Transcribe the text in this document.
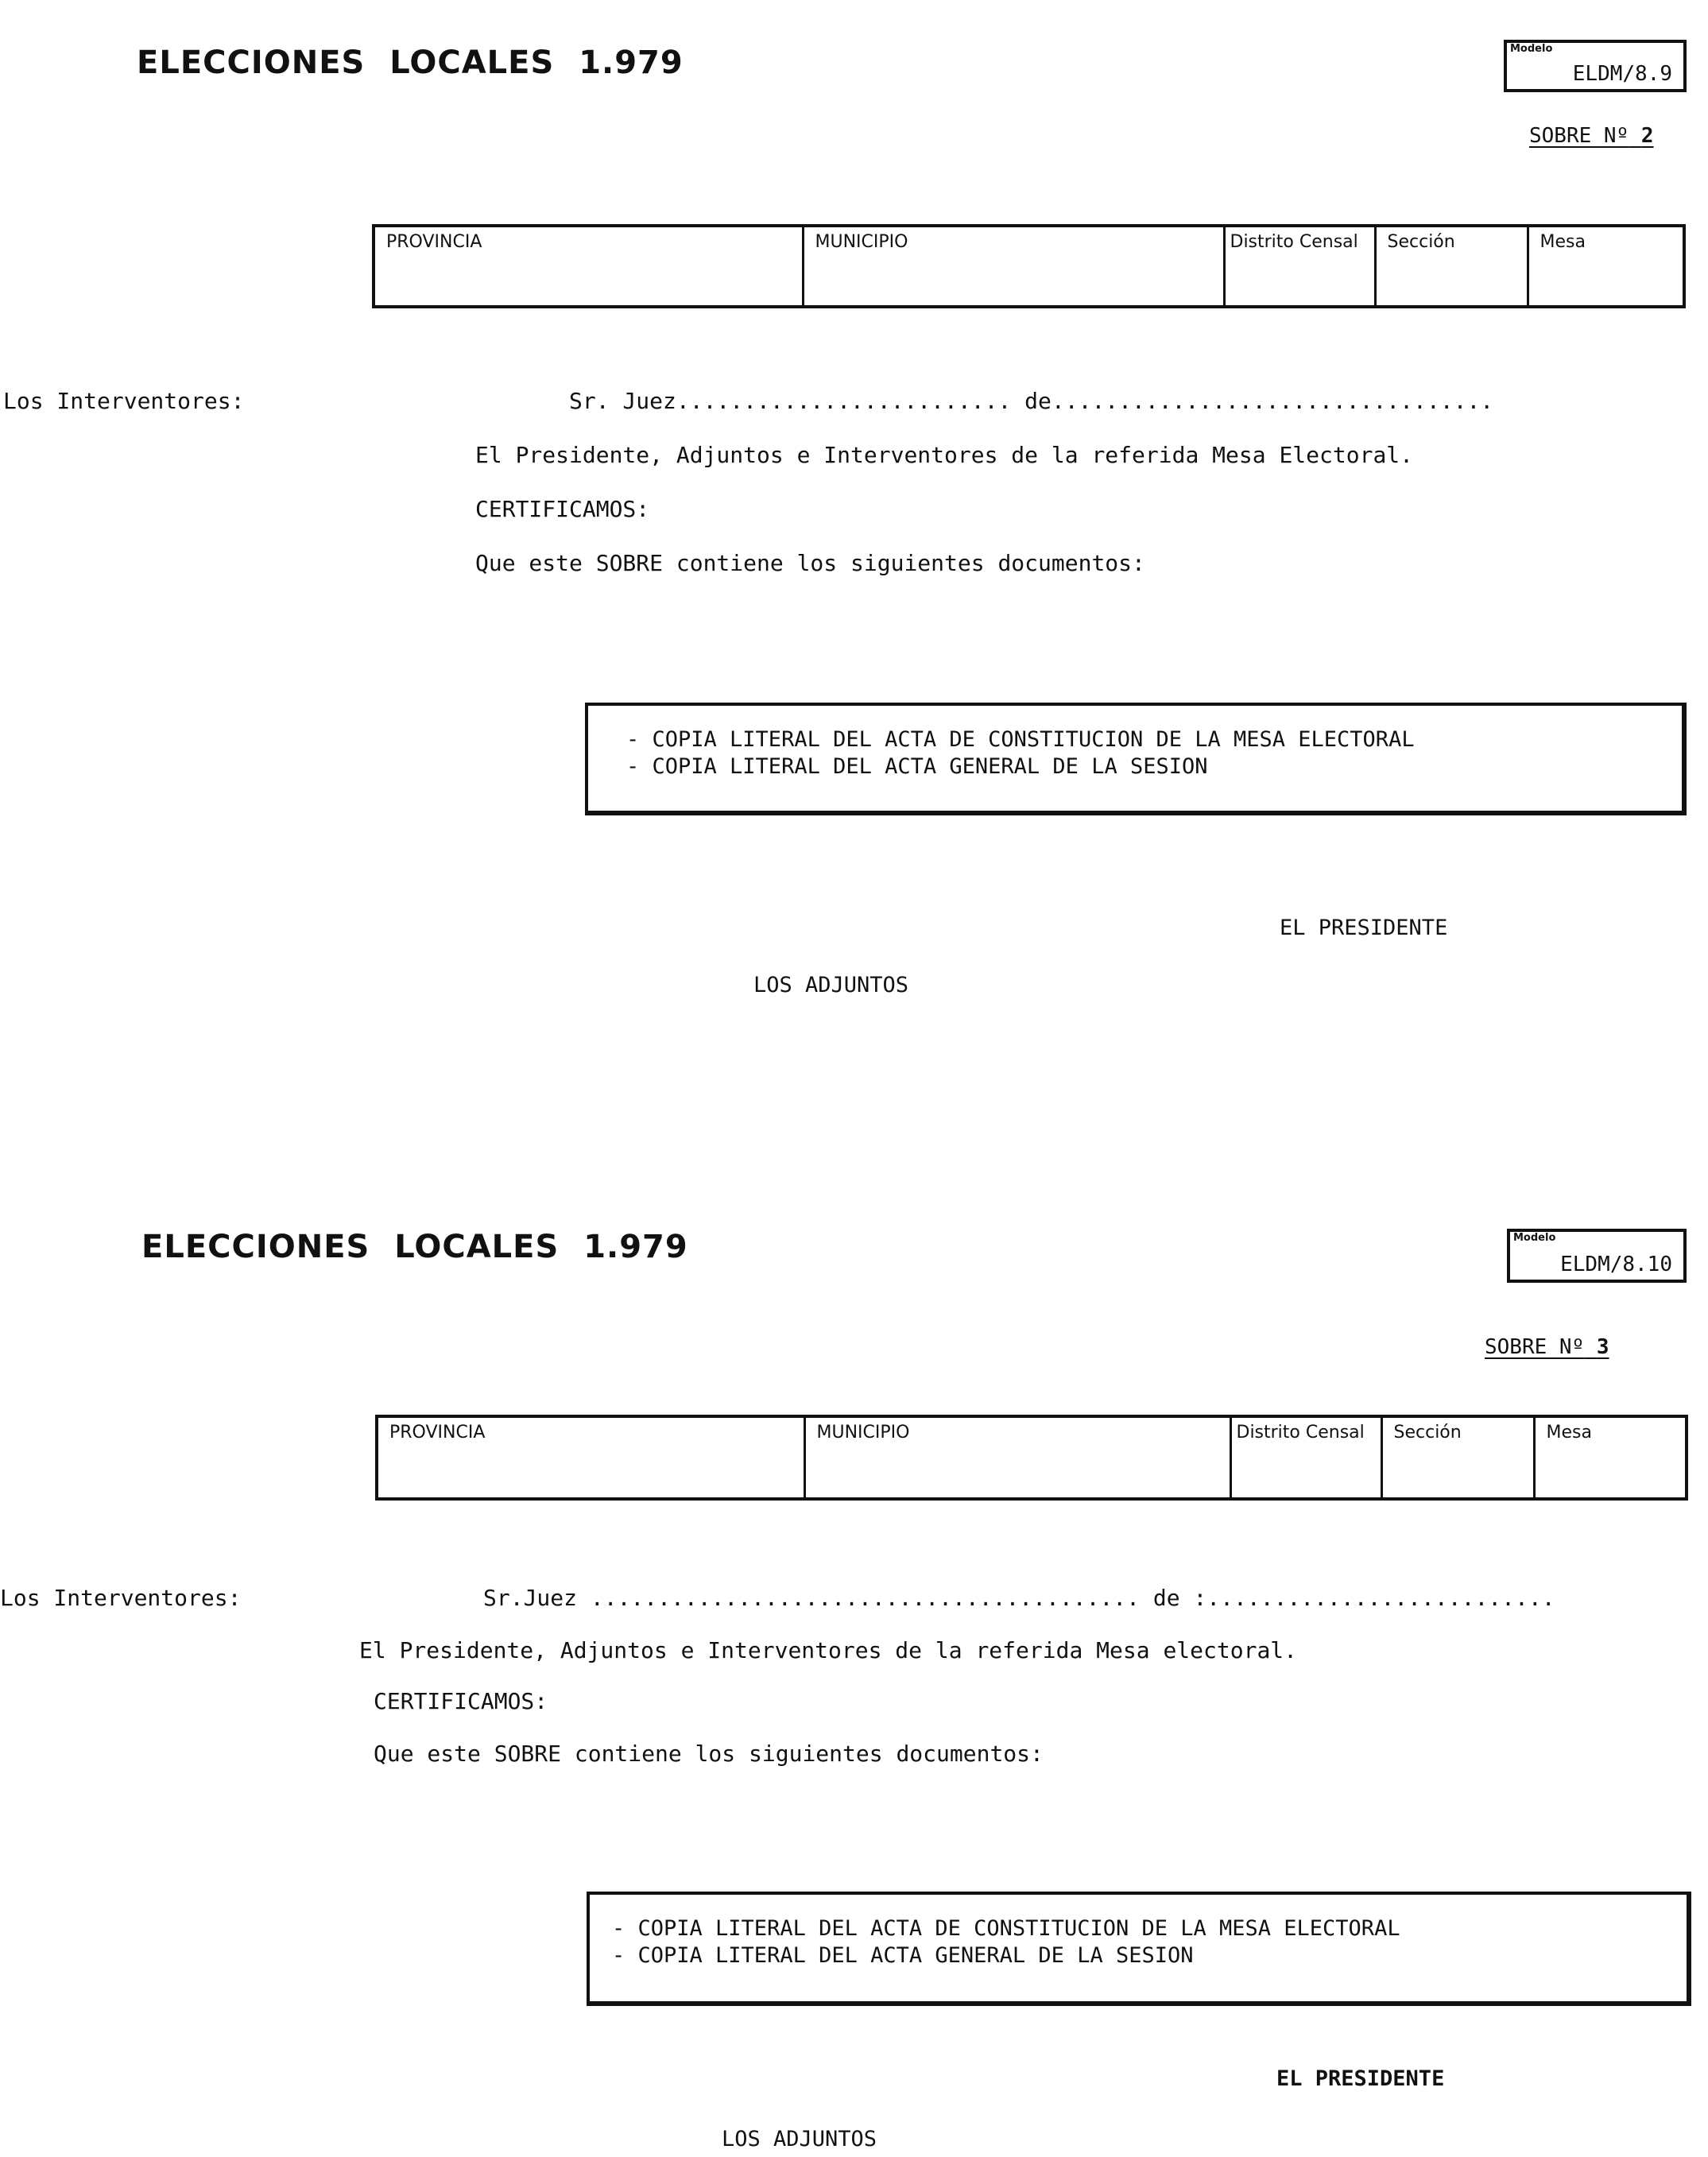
ELECCIONES LOCALES 1.979	Modelo
ELDM/8.9
SOBRE Nº 2
PROVINCIA	MUNICIPIO	Distrito Censal	Sección	Mesa
Los Interventores:	Sr. Juez......................... de.................................
El Presidente, Adjuntos e Interventores de la referida Mesa Electoral.
CERTIFICAMOS:
Que este SOBRE contiene los siguientes documentos:
- COPIA LITERAL DEL ACTA DE CONSTITUCION DE LA MESA ELECTORAL
- COPIA LITERAL DEL ACTA GENERAL DE LA SESION
EL PRESIDENTE
LOS ADJUNTOS
ELECCIONES LOCALES 1.979	Modelo
ELDM/8.10
SOBRE Nº 3
PROVINCIA	MUNICIPIO	Distrito Censal	Sección	Mesa
Los Interventores:	Sr.Juez ......................................... de :..........................
El Presidente, Adjuntos e Interventores de la referida Mesa electoral.
CERTIFICAMOS:
Que este SOBRE contiene los siguientes documentos:
- COPIA LITERAL DEL ACTA DE CONSTITUCION DE LA MESA ELECTORAL
- COPIA LITERAL DEL ACTA GENERAL DE LA SESION
EL PRESIDENTE
LOS ADJUNTOS
